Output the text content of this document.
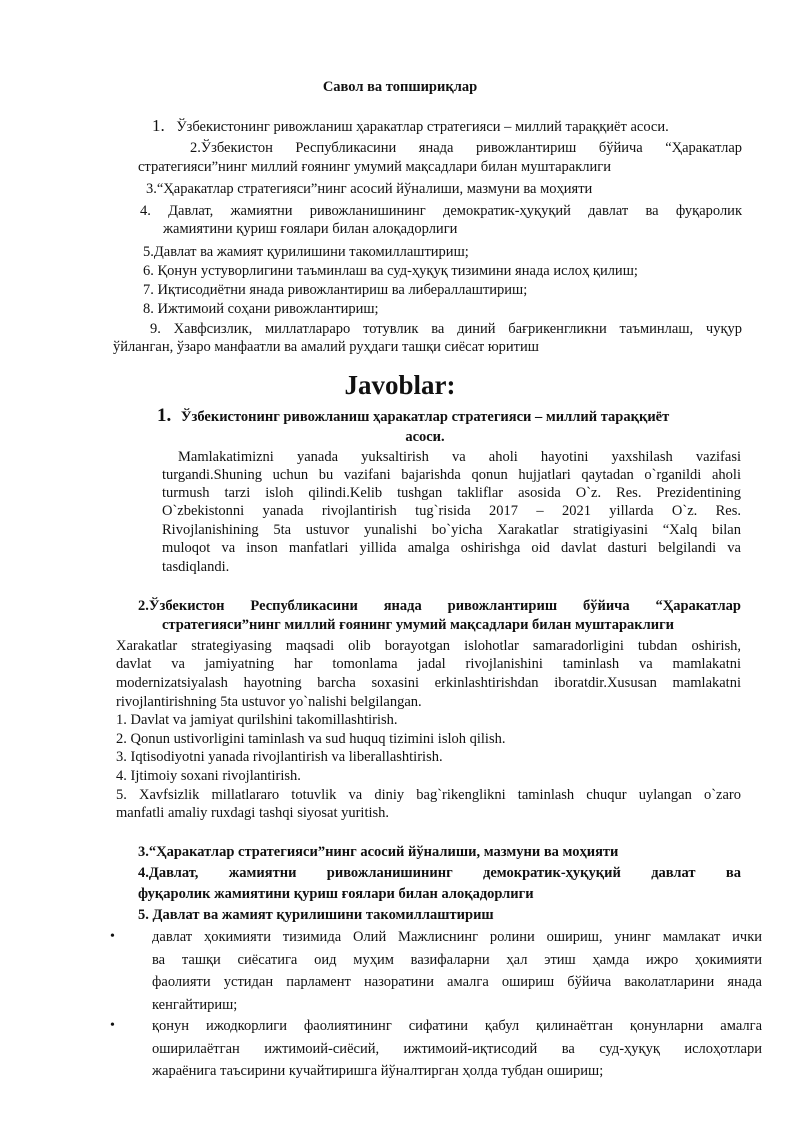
Савол ва топшириқлар
1. Ўзбекистонинг ривожланиш ҳаракатлар стратегияси – миллий тараққиёт асоси.
2.Ўзбекистон Республикасини янада ривожлантириш бўйича “Ҳаракатлар
стратегияси”нинг миллий ғоянинг умумий мақсадлари билан муштараклиги
3.“Ҳаракатлар стратегияси”нинг асосий йўналиши, мазмуни ва моҳияти
4. Давлат, жамиятни ривожланишининг демократик-ҳуқуқий давлат ва фуқаролик
жамиятини қуриш ғоялари билан алоқадорлиги
5.Давлат ва жамият қурилишини такомиллаштириш;
6. Қонун устуворлигини таъминлаш ва суд-ҳуқуқ тизимини янада ислоҳ қилиш;
7. Иқтисодиётни янада ривожлантириш ва либераллаштириш;
8. Ижтимоий соҳани ривожлантириш;
9. Хавфсизлик, миллатлараро тотувлик ва диний бағрикенгликни таъминлаш, чуқур
ўйланган, ўзаро манфаатли ва амалий руҳдаги ташқи сиёсат юритиш
Javoblar:
1. Ўзбекистонинг ривожланиш ҳаракатлар стратегияси – миллий тараққиёт
асоси.
Mamlakatimizni yanada yuksaltirish va aholi hayotini yaxshilash vazifasi
turgandi.Shuning uchun bu vazifani bajarishda qonun hujjatlari qaytadan o`rganildi aholi
turmush tarzi isloh qilindi.Kelib tushgan takliflar asosida O`z. Res. Prezidentining
O`zbekistonni yanada rivojlantirish tug`risida 2017 – 2021 yillarda O`z. Res.
Rivojlanishining 5ta ustuvor yunalishi bo`yicha Xarakatlar stratigiyasini “Xalq bilan
muloqot va inson manfatlari yillida amalga oshirishga oid davlat dasturi belgilandi va
tasdiqlandi.
2.Ўзбекистон Республикасини янада ривожлантириш бўйича “Ҳаракатлар
стратегияси”нинг миллий ғоянинг умумий мақсадлари билан муштараклиги
Xarakatlar strategiyasing maqsadi olib borayotgan islohotlar samaradorligini tubdan oshirish,
davlat va jamiyatning har tomonlama jadal rivojlanishini taminlash va mamlakatni
modernizatsiyalash hayotning barcha soxasini erkinlashtirishdan iboratdir.Xususan mamlakatni
rivojlantirishning 5ta ustuvor yo`nalishi belgilangan.
1. Davlat va jamiyat qurilshini takomillashtirish.
2. Qonun ustivorligini taminlash va sud huquq tizimini isloh qilish.
3. Iqtisodiyotni yanada rivojlantirish va liberallashtirish.
4. Ijtimoiy soxani rivojlantirish.
5. Xavfsizlik millatlararo totuvlik va diniy bag`rikenglikni taminlash chuqur uylangan o`zaro
manfatli amaliy ruxdagi tashqi siyosat yuritish.
3.“Ҳаракатлар стратегияси”нинг асосий йўналиши, мазмуни ва моҳияти
4.Давлат, жамиятни ривожланишининг демократик-ҳуқуқий давлат ва
фуқаролик жамиятини қуриш ғоялари билан алоқадорлиги
5. Давлат ва жамият қурилишини такомиллаштириш
•	давлат ҳокимияти тизимида Олий Мажлиснинг ролини ошириш, унинг мамлакат ички
ва ташқи сиёсатига оид муҳим вазифаларни ҳал этиш ҳамда ижро ҳокимияти
фаолияти устидан парламент назоратини амалга ошириш бўйича ваколатларини янада
кенгайтириш;
•	қонун ижодкорлиги фаолиятининг сифатини қабул қилинаётган қонунларни амалга
оширилаётган ижтимоий-сиёсий, ижтимоий-иқтисодий ва суд-ҳуқуқ ислоҳотлари
жараёнига таъсирини кучайтиришга йўналтирган ҳолда тубдан ошириш;
